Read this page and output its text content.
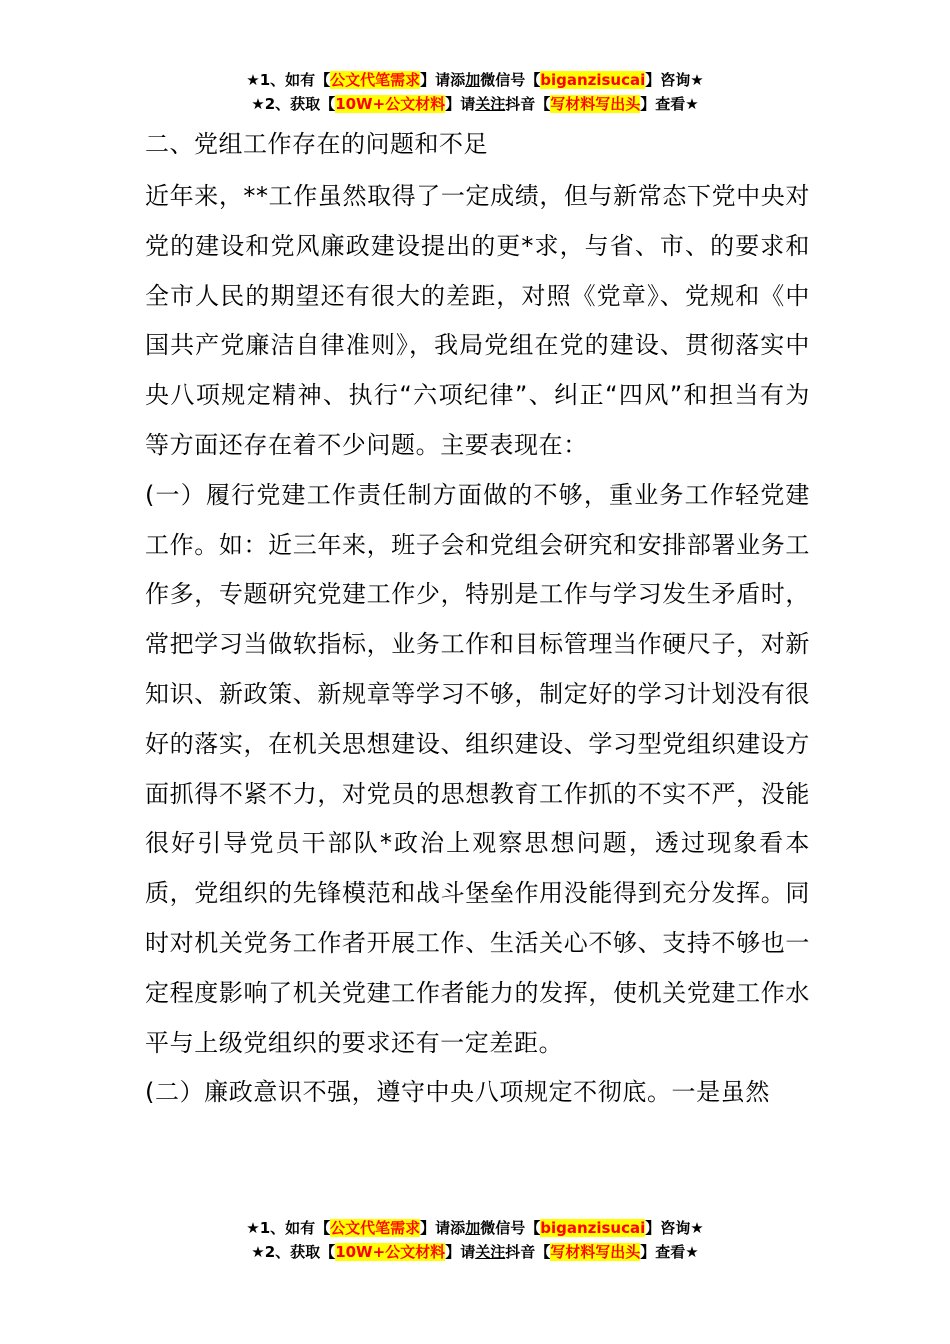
★1、如有【公文代笔需求】请添加微信号【biganzisucai】咨询★
★2、获取【10W+公文材料】请关注抖音【写材料写出头】查看★
二、党组工作存在的问题和不足

近年来，**工作虽然取得了一定成绩，但与新常态下党中央对党的建设和党风廉政建设提出的更*求，与省、市、的要求和全市人民的期望还有很大的差距，对照《党章》、党规和《中国共产党廉洁自律准则》，我局党组在党的建设、贯彻落实中央八项规定精神、执行“六项纪律”、纠正“四风”和担当有为等方面还存在着不少问题。主要表现在：

(一）履行党建工作责任制方面做的不够，重业务工作轻党建工作。如：近三年来，班子会和党组会研究和安排部署业务工作多，专题研究党建工作少，特别是工作与学习发生矛盾时，常把学习当做软指标，业务工作和目标管理当作硬尺子，对新知识、新政策、新规章等学习不够，制定好的学习计划没有很好的落实，在机关思想建设、组织建设、学习型党组织建设方面抓得不紧不力，对党员的思想教育工作抓的不实不严，没能很好引导党员干部队*政治上观察思想问题，透过现象看本质，党组织的先锋模范和战斗堡垒作用没能得到充分发挥。同时对机关党务工作者开展工作、生活关心不够、支持不够也一定程度影响了机关党建工作者能力的发挥，使机关党建工作水平与上级党组织的要求还有一定差距。

(二）廉政意识不强，遵守中央八项规定不彻底。一是虽然

★1、如有【公文代笔需求】请添加微信号【biganzisucai】咨询★
★2、获取【10W+公文材料】请关注抖音【写材料写出头】查看★
